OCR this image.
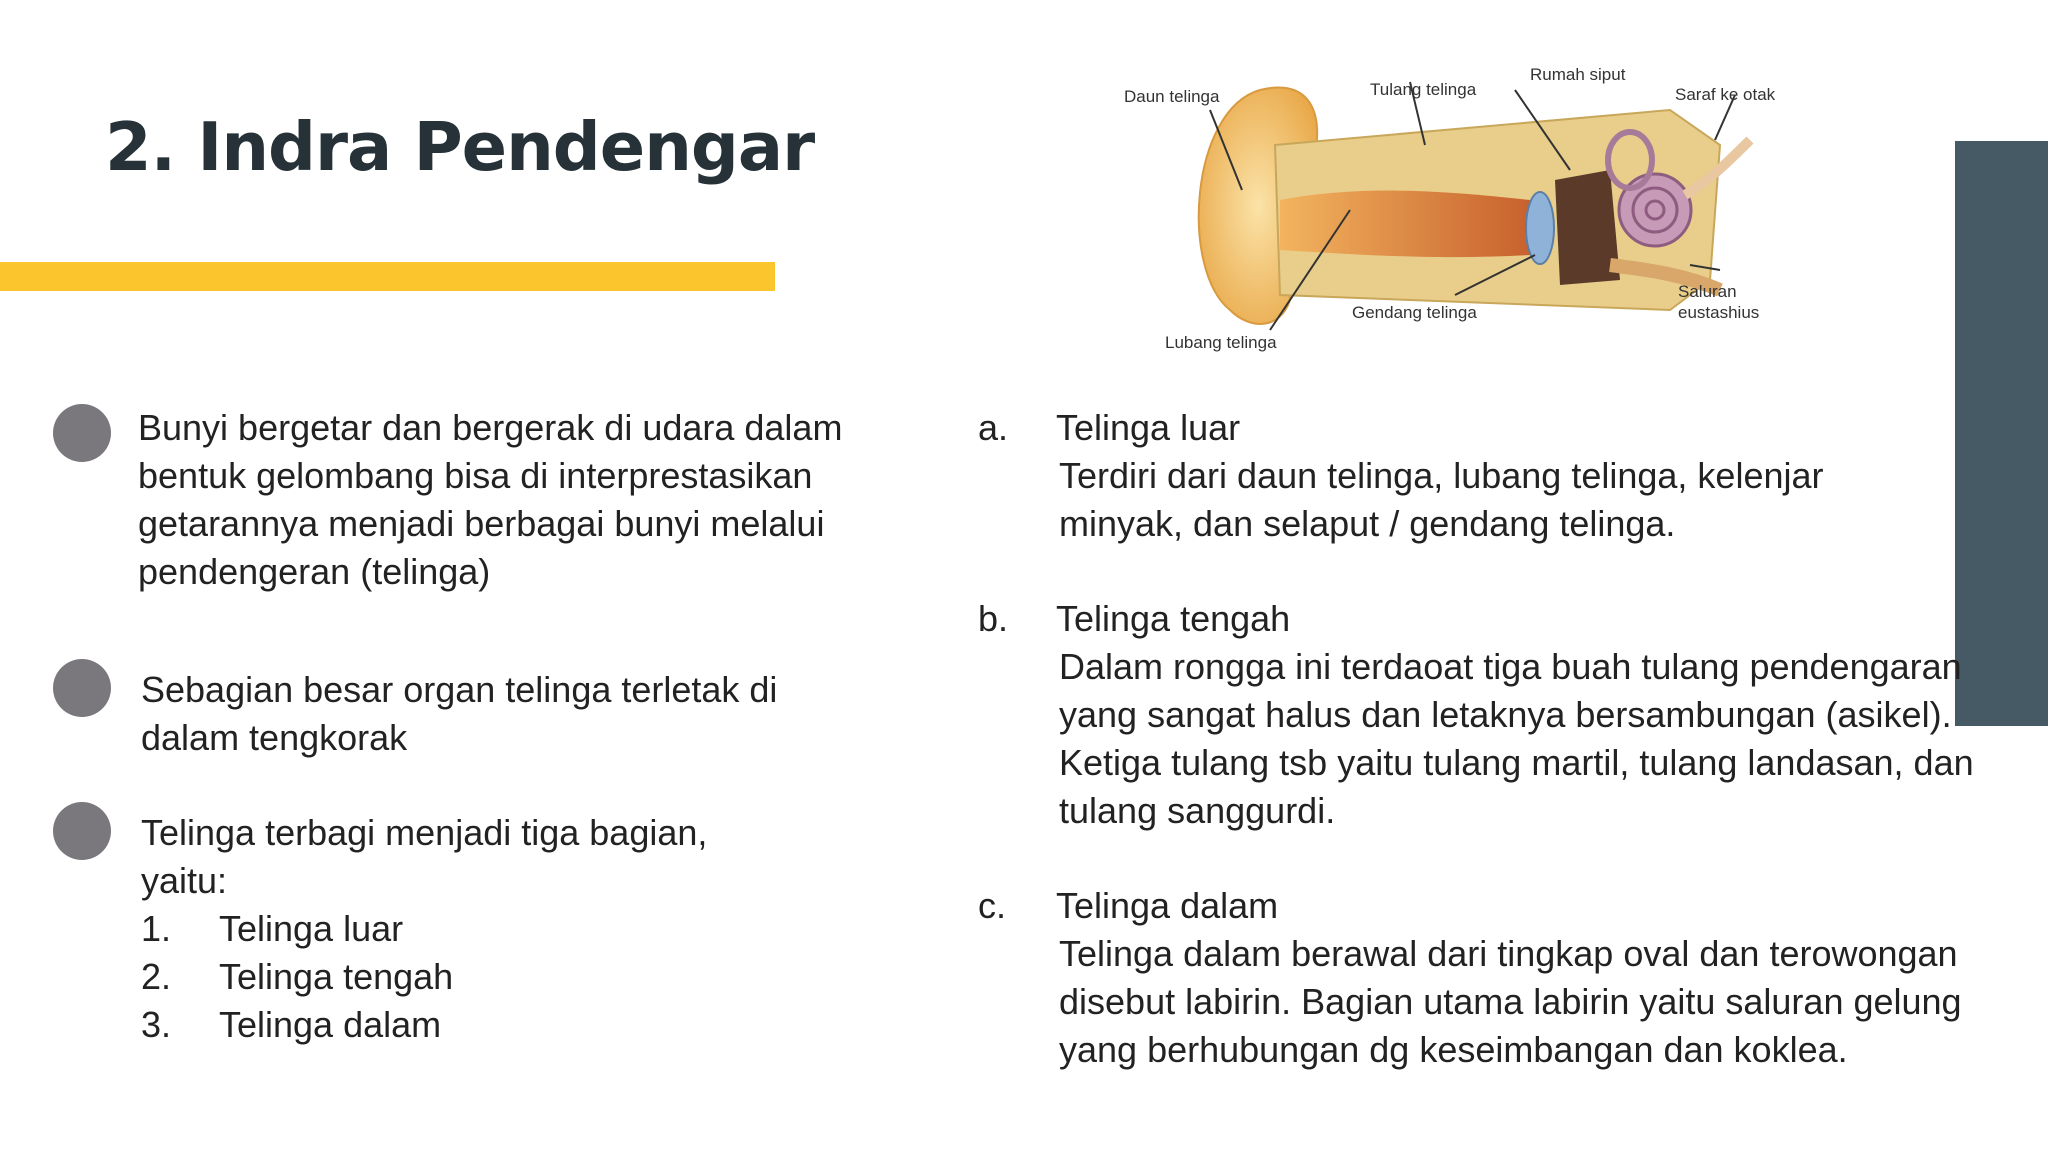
2. Indra Pendengar
Daun telinga	Tulang telinga
Rumah siput
Saraf ke otak
Saluran
eustashius
Gendang telinga
Lubang telinga

Bunyi bergetar dan bergerak di udara dalam bentuk gelombang bisa di interprestasikan getarannya menjadi berbagai bunyi melalui pendengeran (telinga)

Sebagian besar organ telinga terletak di dalam tengkorak

Telinga terbagi menjadi tiga bagian, yaitu:
1. Telinga luar
2. Telinga tengah
3. Telinga dalam
a. Telinga luar

Terdiri dari daun telinga, lubang telinga, kelenjar minyak, dan selaput / gendang telinga.

b. Telinga tengah

Dalam rongga ini terdaoat tiga buah tulang pendengaran yang sangat halus dan letaknya bersambungan (asikel). Ketiga tulang tsb yaitu tulang martil, tulang landasan, dan tulang sanggurdi.

c. Telinga dalam

Telinga dalam berawal dari tingkap oval dan terowongan disebut labirin. Bagian utama labirin yaitu saluran gelung yang berhubungan dg keseimbangan dan koklea.
